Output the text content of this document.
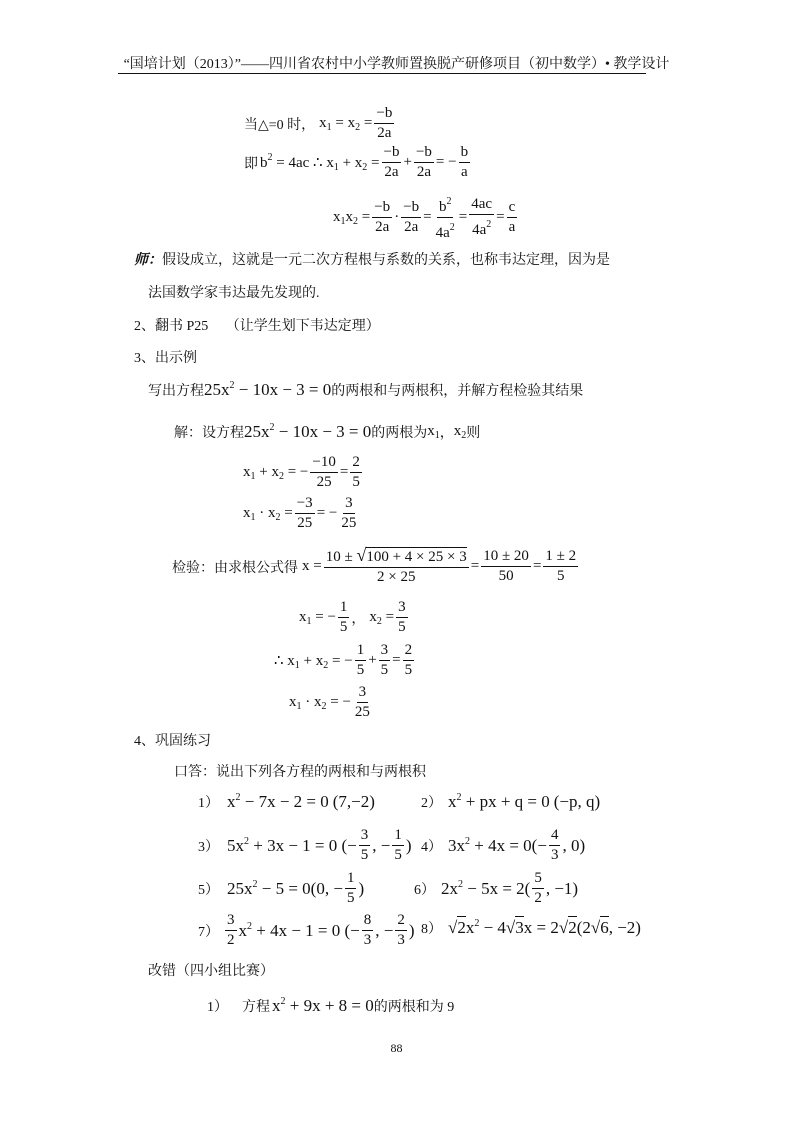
“国培计划（2013）”——四川省农村中小学教师置换脱产研修项目（初中数学）• 教学设计
当△=0 时， $x_1 = x_2 = \frac{-b}{2a}$
即 $b^2 = 4ac$ ∴ $x_1 + x_2 = \frac{-b}{2a} + \frac{-b}{2a}$ = − $\frac{b}{a}$
$x_1x_2 = \frac{-b}{2a} \cdot \frac{-b}{2a} = \frac{b^2}{4a^2} = \frac{4ac}{4a^2} = \frac{c}{a}$
师：假设成立，这就是一元二次方程根与系数的关系，也称韦达定理，因为是
法国数学家韦达最先发现的.
2、翻书 P25　 （让学生划下韦达定理）
3、出示例
写出方程 $25x^2 - 10x - 3 = 0$ 的两根和与两根积，并解方程检验其结果
解：设方程 $25x^2 - 10x - 3 = 0$ 的两根为 $x_1$ ， $x_2$ 则
$x_1 + x_2$ = − $\frac{-10}{25} = \frac{2}{5}$
$x_1 \cdot x_2 = \frac{-3}{25}$ = − $\frac{3}{25}$
检验：由求根公式得 $x = \frac{10 \pm √100 + 4 \times 25 \times 3}{2 \times 25} = \frac{10 \pm 20}{50} = \frac{1 \pm 2}{5}$
$x_1$ = − $\frac{1}{5}$ ， $x_2 = \frac{3}{5}$
∴ $x_1 + x_2$ = − $\frac{1}{5} + \frac{3}{5} = \frac{2}{5}$
$x_1 \cdot x_2$ = − $\frac{3}{25}$
4、巩固练习
口答：说出下列各方程的两根和与两根积
1） $x^2 - 7x - 2 = 0$ (7,−2)	2） $x^2$ + px + q = 0 (−p, q)
3） $5x^2 + 3x - 1 = 0$ (− $\frac{3}{5}$ , − $\frac{1}{5}$ ) 4） $3x^2 + 4x = 0(- \frac{4}{3}$ , 0)
5） $25x^2 - 5 = 0(0$, − $\frac{1}{5}$ )	6） $2x^2 - 5x = 2( \frac{5}{2}$ , −1)
$7) \frac{3}{2} x^2 + 4x - 1 = 0$ (− $\frac{8}{3}$ , − $\frac{2}{3}$ ) 8） $√2x^2 - 4√3x = 2√2(2√6$, −2)
改错（四小组比赛）
1） 方程 $x^2 + 9x + 8 = 0$ 的两根和为 9
88
